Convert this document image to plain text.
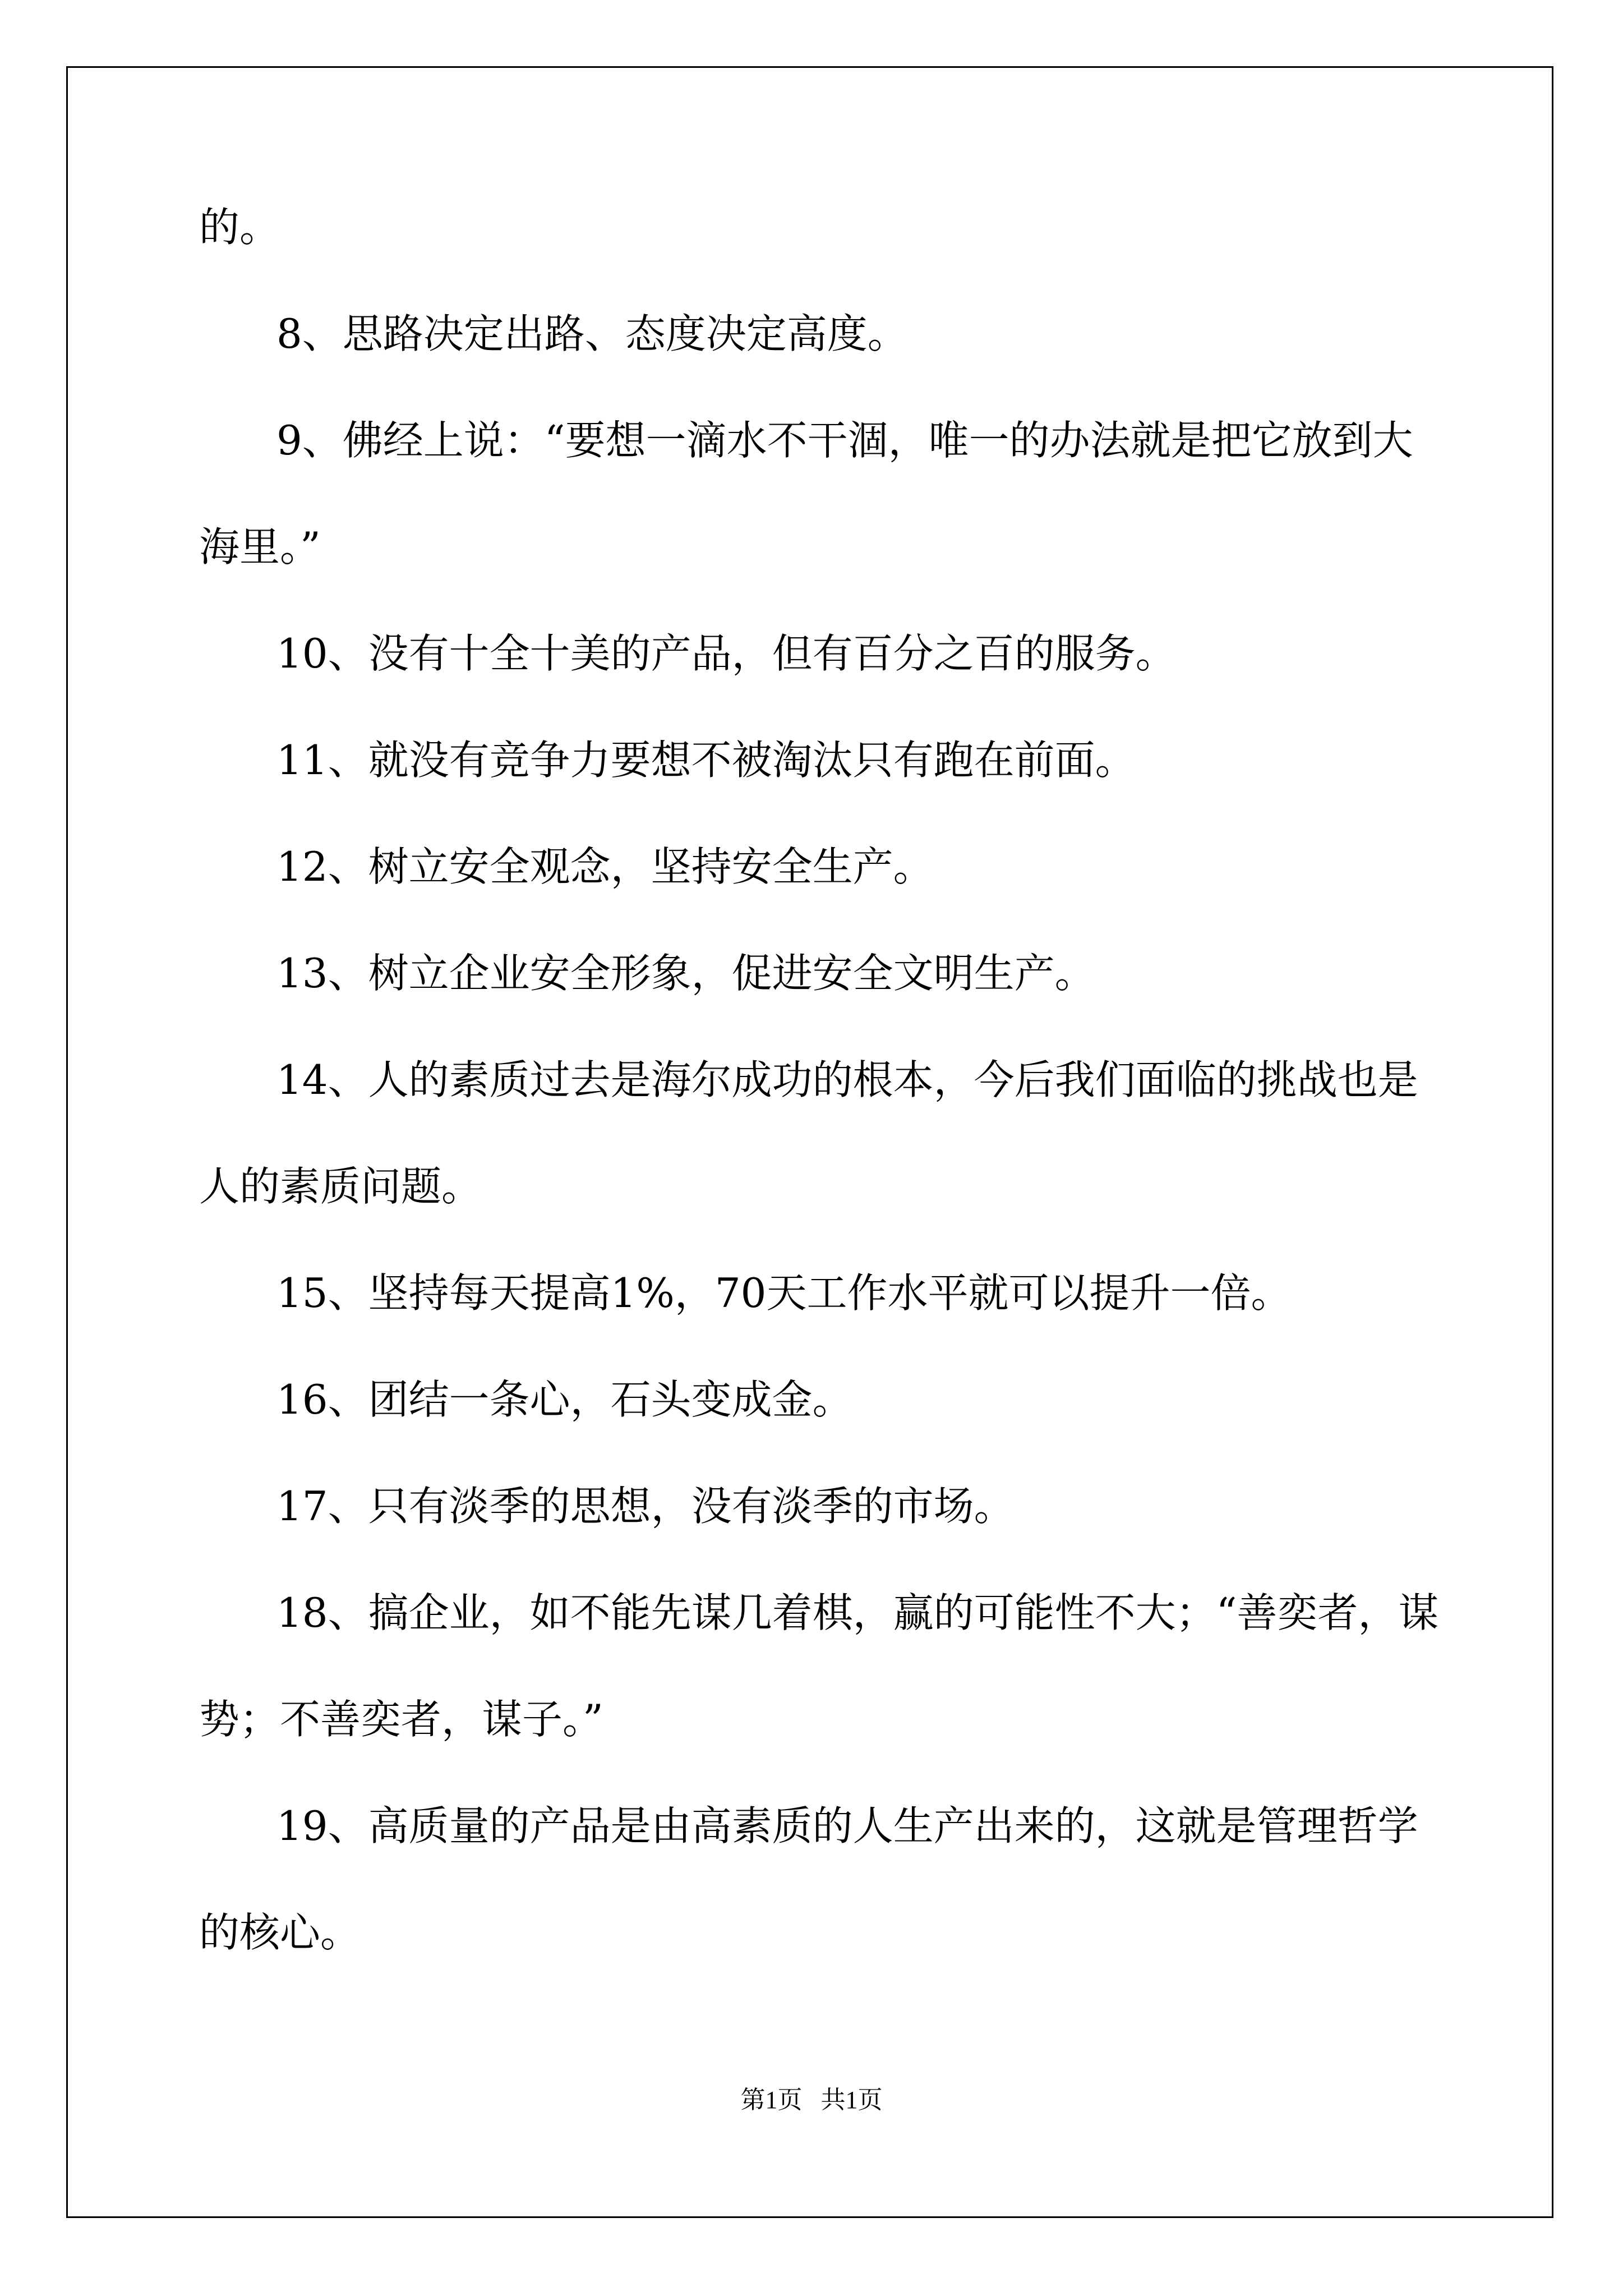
的。
8、思路决定出路、态度决定高度。
9、佛经上说：“要想一滴水不干涸，唯一的办法就是把它放到大
海里。”
10、没有十全十美的产品，但有百分之百的服务。
11、就没有竞争力要想不被淘汰只有跑在前面。
12、树立安全观念，坚持安全生产。
13、树立企业安全形象，促进安全文明生产。
14、人的素质过去是海尔成功的根本，今后我们面临的挑战也是
人的素质问题。
15、坚持每天提高1%，70天工作水平就可以提升一倍。
16、团结一条心，石头变成金。
17、只有淡季的思想，没有淡季的市场。
18、搞企业，如不能先谋几着棋，赢的可能性不大；“善奕者，谋
势；不善奕者，谋子。”
19、高质量的产品是由高素质的人生产出来的，这就是管理哲学
的核心。
第1页   共1页
